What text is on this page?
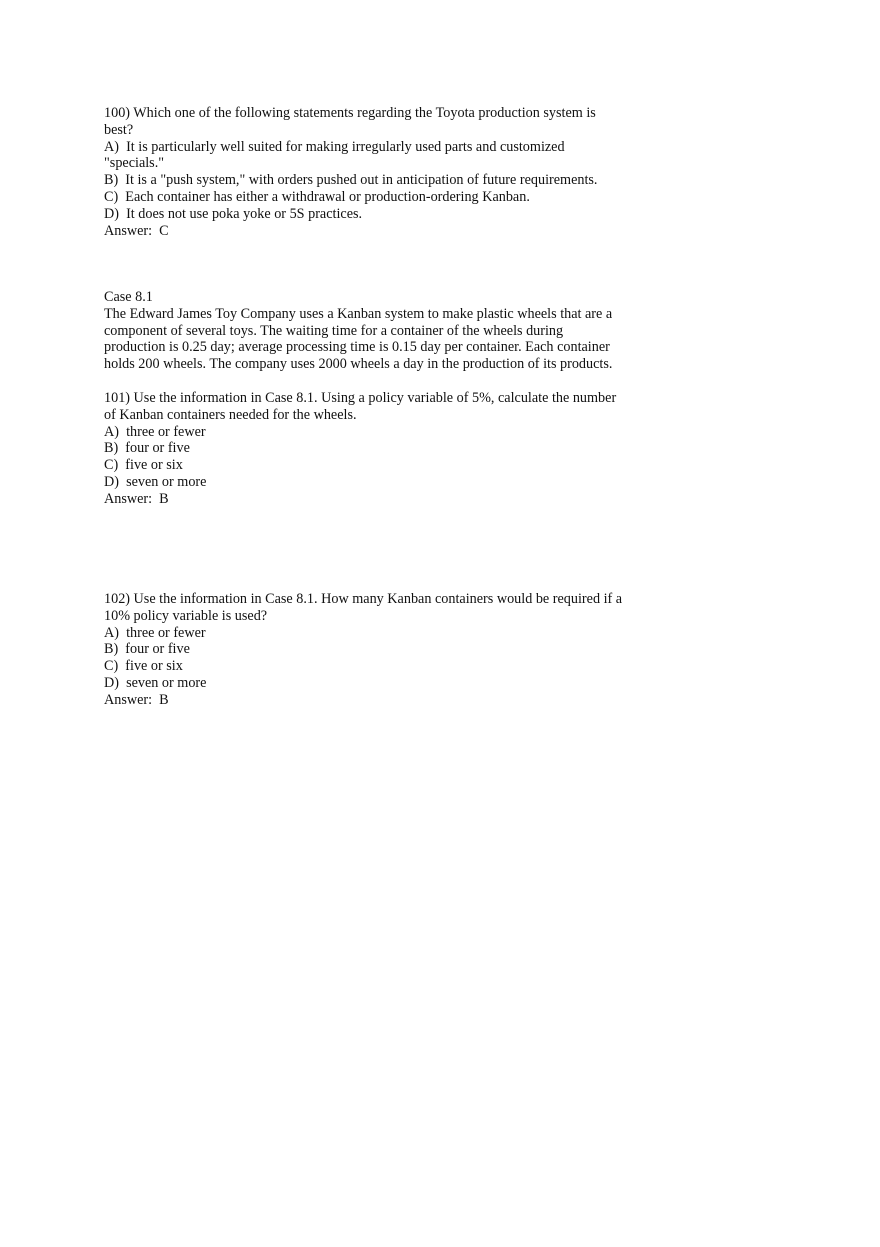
100) Which one of the following statements regarding the Toyota production system is
best?
A)  It is particularly well suited for making irregularly used parts and customized
"specials."
B)  It is a "push system," with orders pushed out in anticipation of future requirements.
C)  Each container has either a withdrawal or production-ordering Kanban.
D)  It does not use poka yoke or 5S practices.
Answer:  C
Case 8.1
The Edward James Toy Company uses a Kanban system to make plastic wheels that are a
component of several toys. The waiting time for a container of the wheels during
production is 0.25 day; average processing time is 0.15 day per container. Each container
holds 200 wheels. The company uses 2000 wheels a day in the production of its products.
101) Use the information in Case 8.1. Using a policy variable of 5%, calculate the number
of Kanban containers needed for the wheels.
A)  three or fewer
B)  four or five
C)  five or six
D)  seven or more
Answer:  B
102) Use the information in Case 8.1. How many Kanban containers would be required if a
10% policy variable is used?
A)  three or fewer
B)  four or five
C)  five or six
D)  seven or more
Answer:  B
